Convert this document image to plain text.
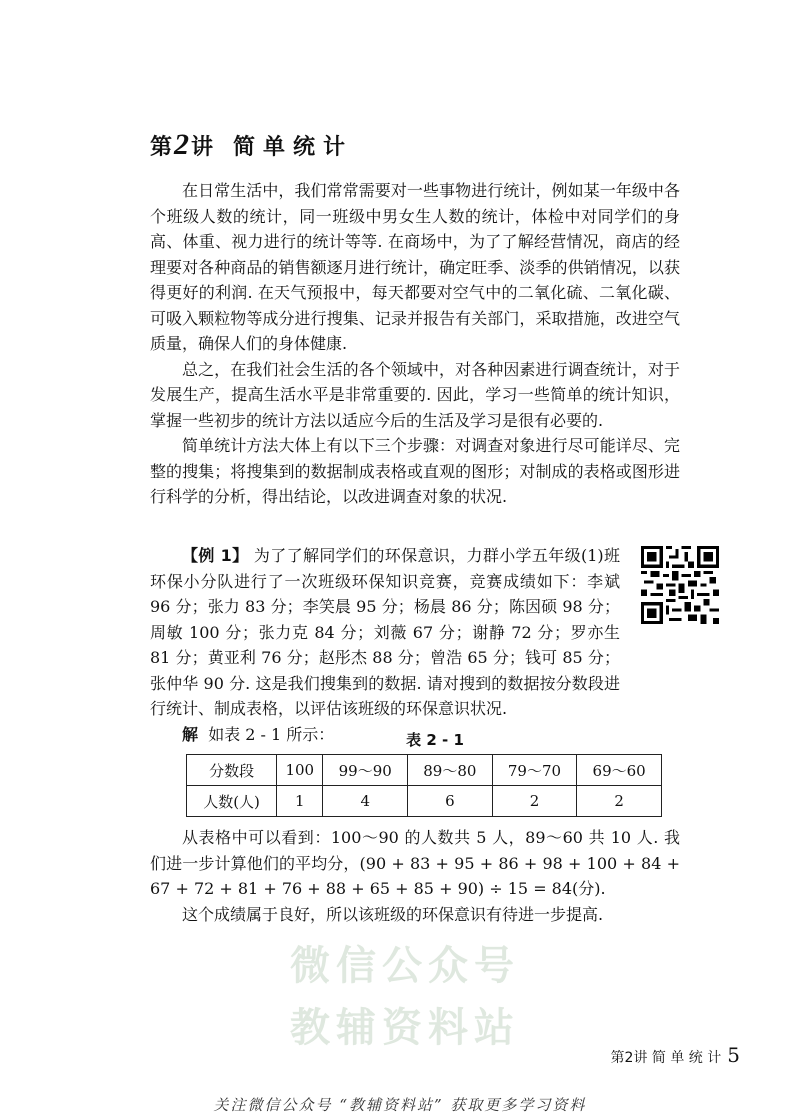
第2讲 简单统计

在日常生活中，我们常常需要对一些事物进行统计，例如某一年级中各个班级人数的统计，同一班级中男女生人数的统计，体检中对同学们的身高、体重、视力进行的统计等等. 在商场中，为了了解经营情况，商店的经理要对各种商品的销售额逐月进行统计，确定旺季、淡季的供销情况，以获得更好的利润. 在天气预报中，每天都要对空气中的二氧化硫、二氧化碳、可吸入颗粒物等成分进行搜集、记录并报告有关部门，采取措施，改进空气质量，确保人们的身体健康.

总之，在我们社会生活的各个领域中，对各种因素进行调查统计，对于发展生产，提高生活水平是非常重要的. 因此，学习一些简单的统计知识，掌握一些初步的统计方法以适应今后的生活及学习是很有必要的.

简单统计方法大体上有以下三个步骤：对调查对象进行尽可能详尽、完整的搜集；将搜集到的数据制成表格或直观的图形；对制成的表格或图形进行科学的分析，得出结论，以改进调查对象的状况.

【例 1】 为了了解同学们的环保意识，力群小学五年级(1)班环保小分队进行了一次班级环保知识竞赛，竞赛成绩如下：李斌 96 分；张力 83 分；李笑晨 95 分；杨晨 86 分；陈因硕 98 分；周敏 100 分；张力克 84 分；刘薇 67 分；谢静 72 分；罗亦生 81 分；黄亚利 76 分；赵彤杰 88 分；曾浩 65 分；钱可 85 分；张仲华 90 分. 这是我们搜集到的数据. 请对搜到的数据按分数段进行统计、制成表格，以评估该班级的环保意识状况.

解 如表 2 - 1 所示：	表 2 - 1
分数段	100	99～90	89～80	79～70	69～60
人数(人)	1	4	6	2	2

从表格中可以看到：100～90 的人数共 5 人，89～60 共 10 人. 我们进一步计算他们的平均分，(90 + 83 + 95 + 86 + 98 + 100 + 84 + 67 + 72 + 81 + 76 + 88 + 65 + 85 + 90) ÷ 15 = 84(分).

这个成绩属于良好，所以该班级的环保意识有待进一步提高.

微信公众号
教辅资料站
第2讲 简 单 统 计 5
关注微信公众号 “教辅资料站” 获取更多学习资料
